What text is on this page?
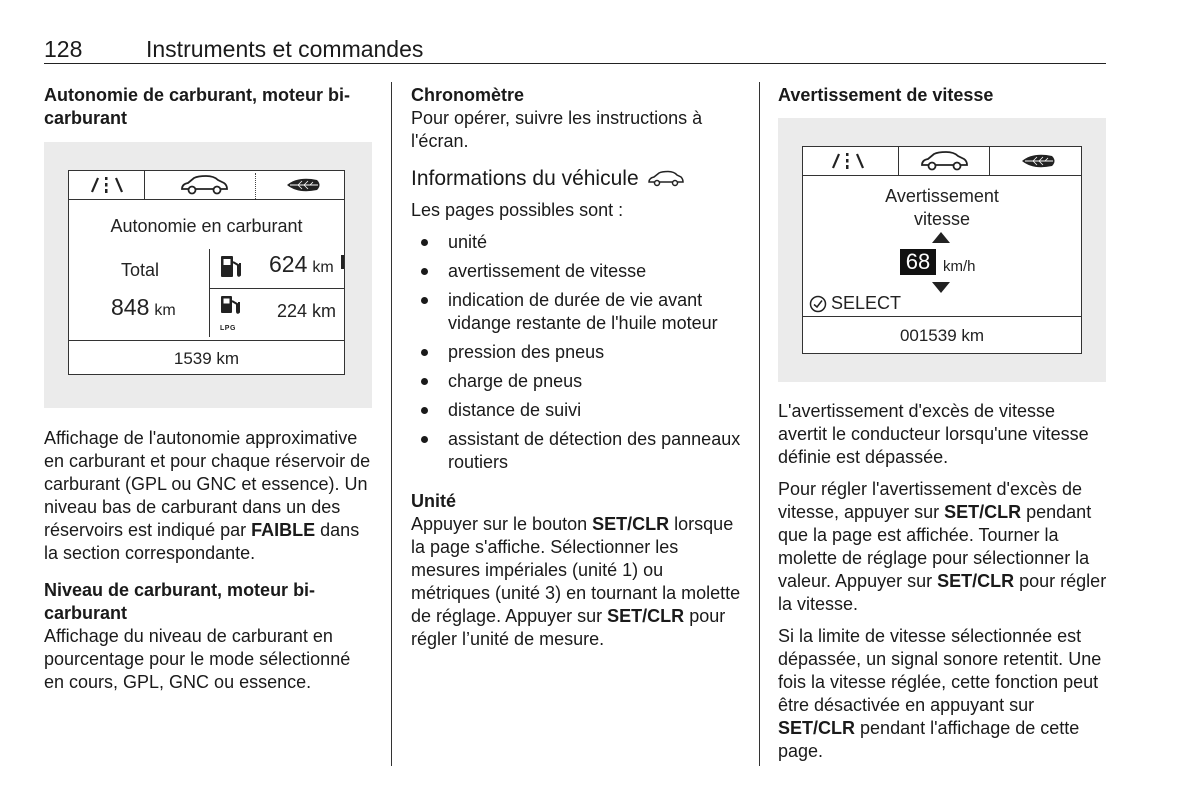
128	Instruments et commandes

Autonomie de carburant, moteur bi-carburant

Autonomie en carburant
Total
848 km
624 km
LPG
224 km
1539 km

Affichage de l'autonomie approximative en carburant et pour chaque réservoir de carburant (GPL ou GNC et essence). Un niveau bas de carburant dans un des réservoirs est indiqué par FAIBLE dans la section correspondante.

Niveau de carburant, moteur bi-carburant

Affichage du niveau de carburant en pourcentage pour le mode sélectionné en cours, GPL, GNC ou essence.

Chronomètre

Pour opérer, suivre les instructions à l'écran.

Informations du véhicule

Les pages possibles sont :

unité
avertissement de vitesse
indication de durée de vie avant vidange restante de l'huile moteur
pression des pneus
charge de pneus
distance de suivi
assistant de détection des panneaux routiers

Unité

Appuyer sur le bouton SET/CLR lorsque la page s'affiche. Sélectionner les mesures impériales (unité 1) ou métriques (unité 3) en tournant la molette de réglage. Appuyer sur SET/CLR pour régler l’unité de mesure.

Avertissement de vitesse

Avertissement
vitesse
68 km/h
SELECT
001539 km

L'avertissement d'excès de vitesse avertit le conducteur lorsqu'une vitesse définie est dépassée.

Pour régler l'avertissement d'excès de vitesse, appuyer sur SET/CLR pendant que la page est affichée. Tourner la molette de réglage pour sélectionner la valeur. Appuyer sur SET/CLR pour régler la vitesse.

Si la limite de vitesse sélectionnée est dépassée, un signal sonore retentit. Une fois la vitesse réglée, cette fonction peut être désactivée en appuyant sur SET/CLR pendant l'affichage de cette page.
